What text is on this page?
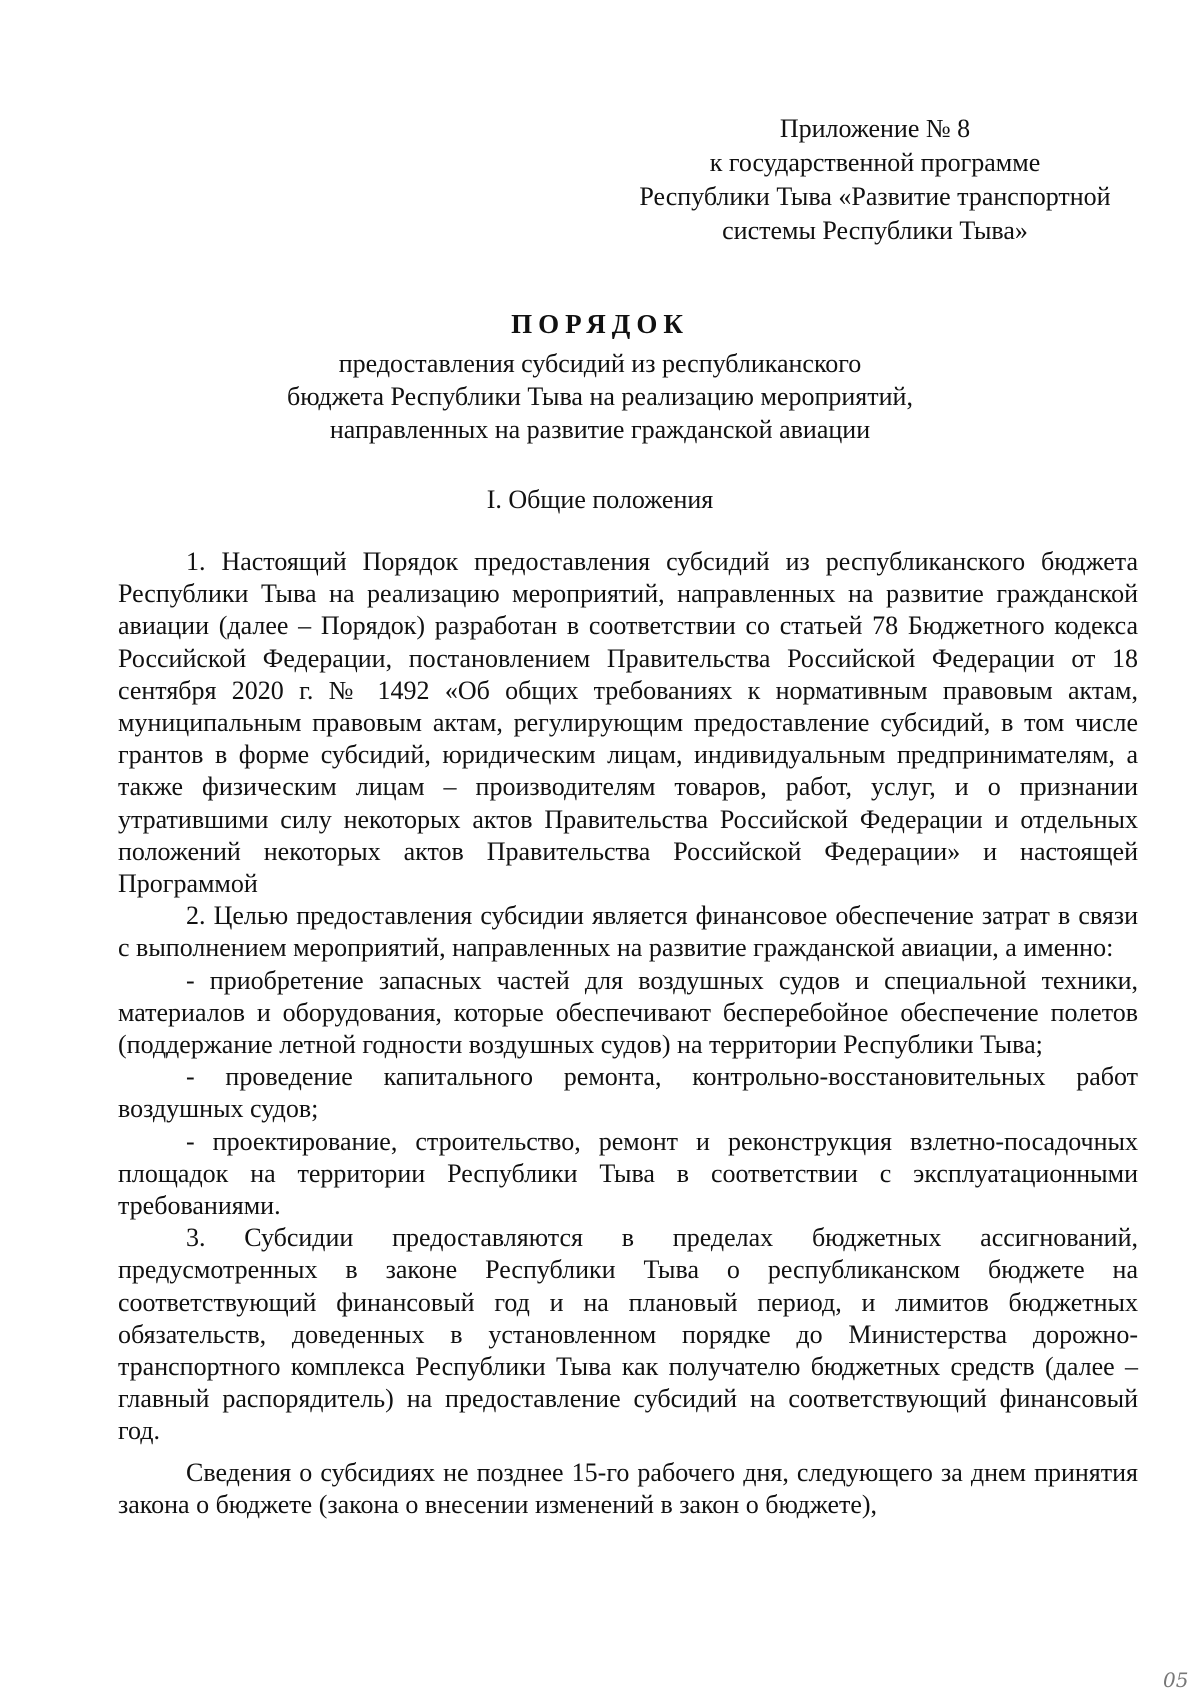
Приложение № 8
к государственной программе
Республики Тыва «Развитие транспортной
системы Республики Тыва»
ПОРЯДОК
предоставления субсидий из республиканского
бюджета Республики Тыва на реализацию мероприятий,
направленных на развитие гражданской авиации
I. Общие положения

1. Настоящий Порядок предоставления субсидий из республиканского бюджета Республики Тыва на реализацию мероприятий, направленных на развитие гражданской авиации (далее – Порядок) разработан в соответствии со статьей 78 Бюджетного кодекса Российской Федерации, постановлением Правительства Российской Федерации от 18 сентября 2020 г. № 1492 «Об общих требованиях к нормативным правовым актам, муниципальным правовым актам, регулирующим предоставление субсидий, в том числе грантов в форме субсидий, юридическим лицам, индивидуальным предпринимателям, а также физическим лицам – производителям товаров, работ, услуг, и о признании утратившими силу некоторых актов Правительства Российской Федерации и отдельных положений некоторых актов Правительства Российской Федерации» и настоящей Программой

2. Целью предоставления субсидии является финансовое обеспечение затрат в связи с выполнением мероприятий, направленных на развитие гражданской авиации, а именно:

- приобретение запасных частей для воздушных судов и специальной техники, материалов и оборудования, которые обеспечивают бесперебойное обеспечение полетов (поддержание летной годности воздушных судов) на территории Республики Тыва;

- проведение капитального ремонта, контрольно-восстановительных работ воздушных судов;

- проектирование, строительство, ремонт и реконструкция взлетно-посадочных площадок на территории Республики Тыва в соответствии с эксплуатационными требованиями.

3. Субсидии предоставляются в пределах бюджетных ассигнований, предусмотренных в законе Республики Тыва о республиканском бюджете на соответствующий финансовый год и на плановый период, и лимитов бюджетных обязательств, доведенных в установленном порядке до Министерства дорожно-транспортного комплекса Республики Тыва как получателю бюджетных средств (далее – главный распорядитель) на предоставление субсидий на соответствующий финансовый год.

Сведения о субсидиях не позднее 15-го рабочего дня, следующего за днем принятия закона о бюджете (закона о внесении изменений в закон о бюджете),

05
